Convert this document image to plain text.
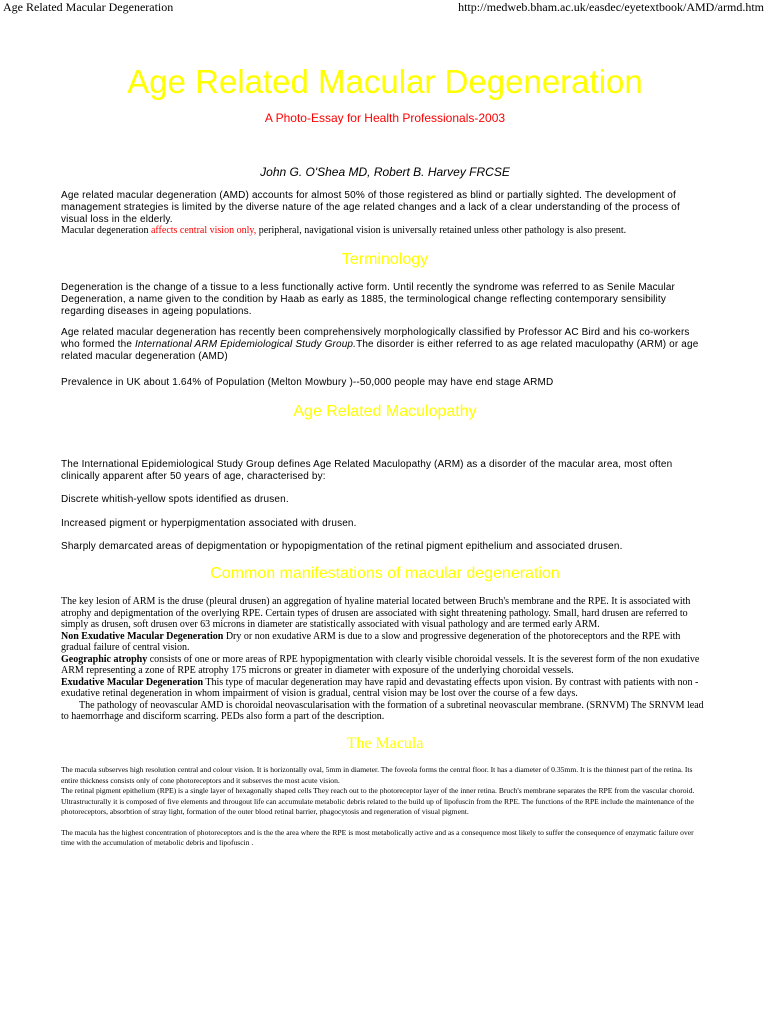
Age Related Macular Degeneration	http://medweb.bham.ac.uk/easdec/eyetextbook/AMD/armd.htm
Age Related Macular Degeneration
A Photo-Essay for Health Professionals-2003
John G. O'Shea MD, Robert B. Harvey FRCSE

Age related macular degeneration (AMD) accounts for almost 50% of those registered as blind or partially sighted. The development of management strategies is limited by the diverse nature of the age related changes and a lack of a clear understanding of the process of visual loss in the elderly.

Macular degeneration affects central vision only, peripheral, navigational vision is universally retained unless other pathology is also present.

Terminology

Degeneration is the change of a tissue to a less functionally active form. Until recently the syndrome was referred to as Senile Macular Degeneration, a name given to the condition by Haab as early as 1885, the terminological change reflecting contemporary sensibility regarding diseases in ageing populations.

Age related macular degeneration has recently been comprehensively morphologically classified by Professor AC Bird and his co-workers who formed the International ARM Epidemiological Study Group.The disorder is either referred to as age related maculopathy (ARM) or age related macular degeneration (AMD)

Prevalence in UK about 1.64% of Population (Melton Mowbury )--50,000 people may have end stage ARMD

Age Related Maculopathy

The International Epidemiological Study Group defines Age Related Maculopathy (ARM) as a disorder of the macular area, most often clinically apparent after 50 years of age, characterised by:

Discrete whitish-yellow spots identified as drusen.

Increased pigment or hyperpigmentation associated with drusen.

Sharply demarcated areas of depigmentation or hypopigmentation of the retinal pigment epithelium and associated drusen.

Common manifestations of macular degeneration

The key lesion of ARM is the druse (pleural drusen) an aggregation of hyaline material located between Bruch's membrane and the RPE. It is associated with atrophy and depigmentation of the overlying RPE. Certain types of drusen are associated with sight threatening pathology. Small, hard drusen are referred to simply as drusen, soft drusen over 63 microns in diameter are statistically associated with visual pathology and are termed early ARM.

Non Exudative Macular Degeneration Dry or non exudative ARM is due to a slow and progressive degeneration of the photoreceptors and the RPE with gradual failure of central vision.

Geographic atrophy consists of one or more areas of RPE hypopigmentation with clearly visible choroidal vessels. It is the severest form of the non exudative ARM representing a zone of RPE atrophy 175 microns or greater in diameter with exposure of the underlying choroidal vessels.

Exudative Macular Degeneration This type of macular degeneration may have rapid and devastating effects upon vision. By contrast with patients with non -exudative retinal degeneration in whom impairment of vision is gradual, central vision may be lost over the course of a few days.

The pathology of neovascular AMD is choroidal neovascularisation with the formation of a subretinal neovascular membrane. (SRNVM) The SRNVM lead to haemorrhage and disciform scarring. PEDs also form a part of the description.

The Macula

The macula subserves high resolution central and colour vision. It is horizontally oval, 5mm in diameter. The foveola forms the central floor. It has a diameter of 0.35mm. It is the thinnest part of the retina. Its entire thickness consists only of cone photoreceptors and it subserves the most acute vision.

The retinal pigment epithelium (RPE) is a single layer of hexagonally shaped cells They reach out to the photoreceptor layer of the inner retina. Bruch's membrane separates the RPE from the vascular choroid.

Ultrastructurally it is composed of five elements and througout life can accumulate metabolic debris related to the build up of lipofuscin from the RPE. The functions of the RPE include the maintenance of the photoreceptors, absorbtion of stray light, formation of the outer blood retinal barrier, phagocytosis and regeneration of visual pigment.

The macula has the highest concentration of photoreceptors and is the the area where the RPE is most metabolically active and as a consequence most likely to suffer the consequence of enzymatic failure over time with the accumulation of metabolic debris and lipofuscin .
